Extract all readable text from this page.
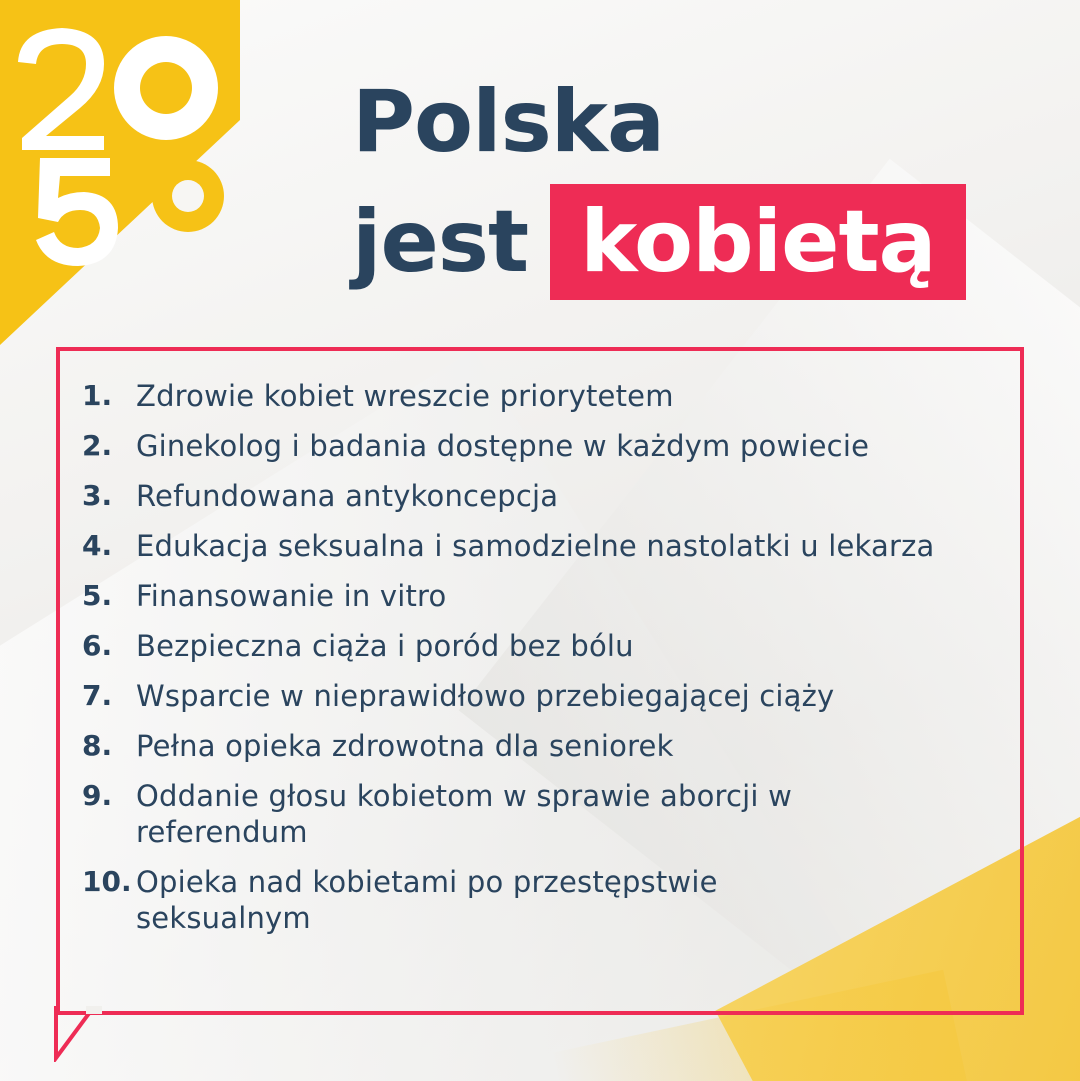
Polska
jest kobietą
1. Zdrowie kobiet wreszcie priorytetem
2. Ginekolog i badania dostępne w każdym powiecie
3. Refundowana antykoncepcja
4. Edukacja seksualna i samodzielne nastolatki u lekarza
5. Finansowanie in vitro
6. Bezpieczna ciąża i poród bez bólu
7. Wsparcie w nieprawidłowo przebiegającej ciąży
8. Pełna opieka zdrowotna dla seniorek
9. Oddanie głosu kobietom w sprawie aborcji w referendum
10. Opieka nad kobietami po przestępstwie seksualnym
